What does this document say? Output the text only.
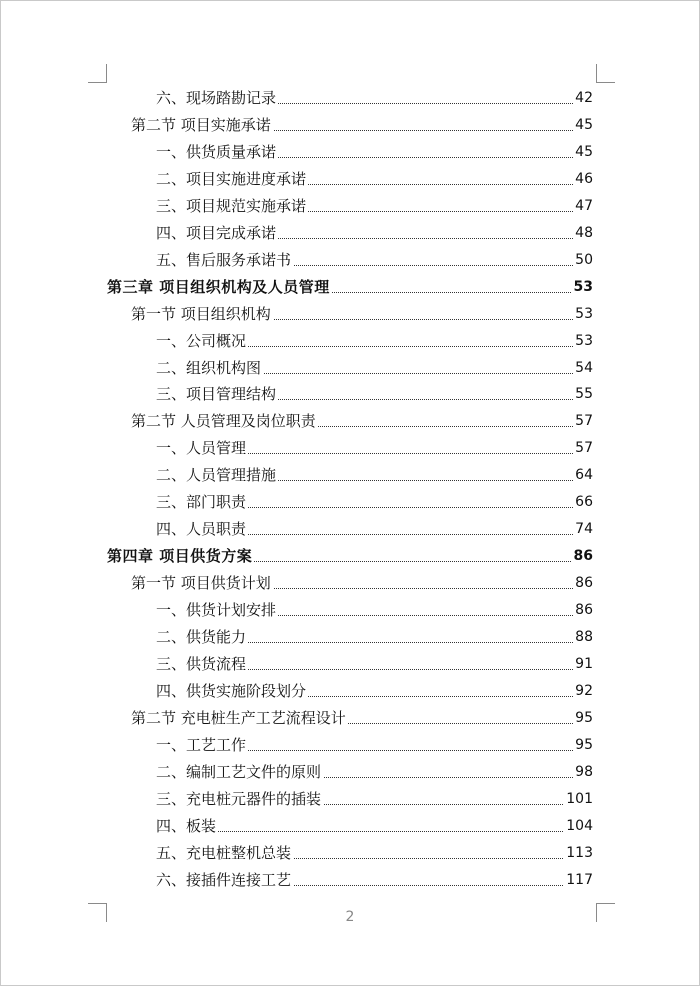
六、现场踏勘记录	42
第二节 项目实施承诺	45
一、供货质量承诺	45
二、项目实施进度承诺	46
三、项目规范实施承诺	47
四、项目完成承诺	48
五、售后服务承诺书	50
第三章 项目组织机构及人员管理	53
第一节 项目组织机构	53
一、公司概况	53
二、组织机构图	54
三、项目管理结构	55
第二节 人员管理及岗位职责	57
一、人员管理	57
二、人员管理措施	64
三、部门职责	66
四、人员职责	74
第四章 项目供货方案	86
第一节 项目供货计划	86
一、供货计划安排	86
二、供货能力	88
三、供货流程	91
四、供货实施阶段划分	92
第二节 充电桩生产工艺流程设计	95
一、工艺工作	95
二、编制工艺文件的原则	98
三、充电桩元器件的插装	101
四、板装	104
五、充电桩整机总装	113
六、接插件连接工艺	117
2
